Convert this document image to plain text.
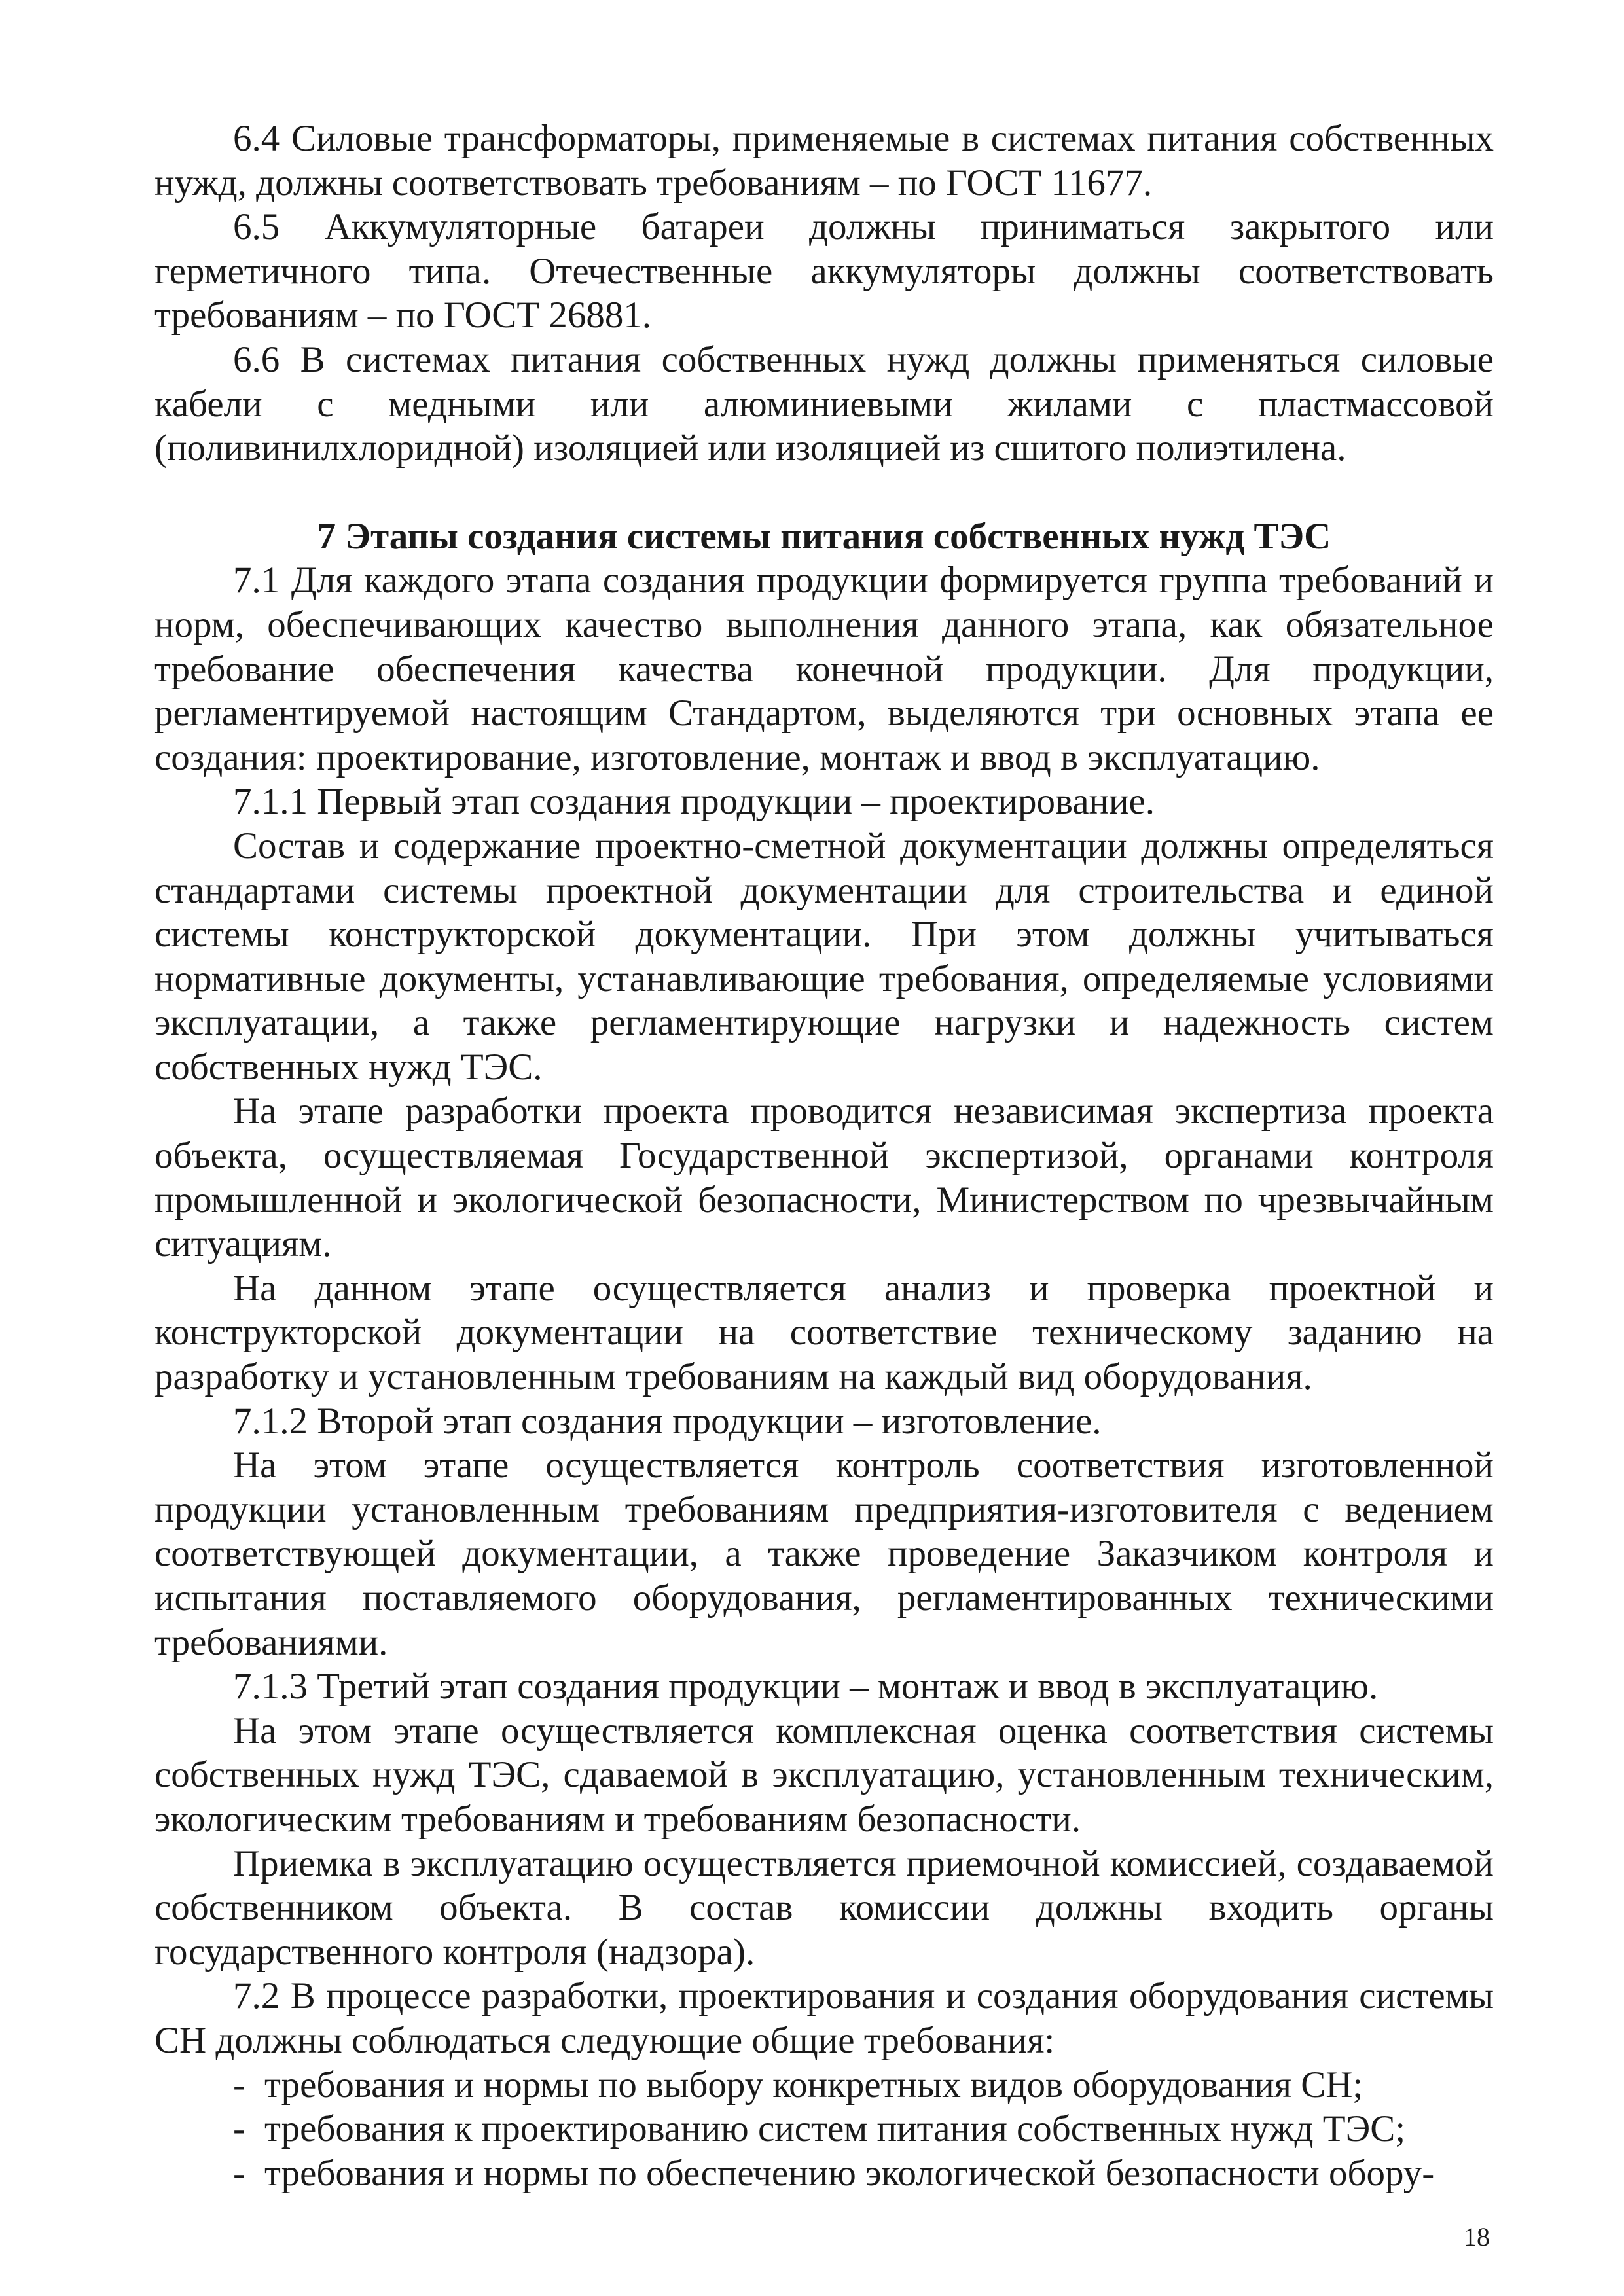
6.4 Силовые трансформаторы, применяемые в системах питания собственных нужд, должны соответствовать требованиям – по ГОСТ 11677.

6.5 Аккумуляторные батареи должны приниматься закрытого или герметичного типа. Отечественные аккумуляторы должны соответствовать требованиям – по ГОСТ 26881.

6.6 В системах питания собственных нужд должны применяться силовые кабели с медными или алюминиевыми жилами с пластмассовой (поливинилхлоридной) изоляцией или изоляцией из сшитого полиэтилена.

7 Этапы создания системы питания собственных нужд ТЭС

7.1 Для каждого этапа создания продукции формируется группа требований и норм, обеспечивающих качество выполнения данного этапа, как обязательное требование обеспечения качества конечной продукции. Для продукции, регламентируемой настоящим Стандартом, выделяются три основных этапа ее создания: проектирование, изготовление, монтаж и ввод в эксплуатацию.

7.1.1 Первый этап создания продукции – проектирование.

Состав и содержание проектно-сметной документации должны определяться стандартами системы проектной документации для строительства и единой системы конструкторской документации. При этом должны учитываться нормативные документы, устанавливающие требования, определяемые условиями эксплуатации, а также регламентирующие нагрузки и надежность систем собственных нужд ТЭС.

На этапе разработки проекта проводится независимая экспертиза проекта объекта, осуществляемая Государственной экспертизой, органами контроля промышленной и экологической безопасности, Министерством по чрезвычайным ситуациям.

На данном этапе осуществляется анализ и проверка проектной и конструкторской документации на соответствие техническому заданию на разработку и установленным требованиям на каждый вид оборудования.

7.1.2 Второй этап создания продукции – изготовление.

На этом этапе осуществляется контроль соответствия изготовленной продукции установленным требованиям предприятия-изготовителя с ведением соответствующей документации, а также проведение Заказчиком контроля и испытания поставляемого оборудования, регламентированных техническими требованиями.

7.1.3 Третий этап создания продукции – монтаж и ввод в эксплуатацию.

На этом этапе осуществляется комплексная оценка соответствия системы собственных нужд ТЭС, сдаваемой в эксплуатацию, установленным техническим, экологическим требованиям и требованиям безопасности.

Приемка в эксплуатацию осуществляется приемочной комиссией, создаваемой собственником объекта. В состав комиссии должны входить органы государственного контроля (надзора).

7.2 В процессе разработки, проектирования и создания оборудования системы СН должны соблюдаться следующие общие требования:

- требования и нормы по выбору конкретных видов оборудования СН;

- требования к проектированию систем питания собственных нужд ТЭС;

- требования и нормы по обеспечению экологической безопасности обору-

18
